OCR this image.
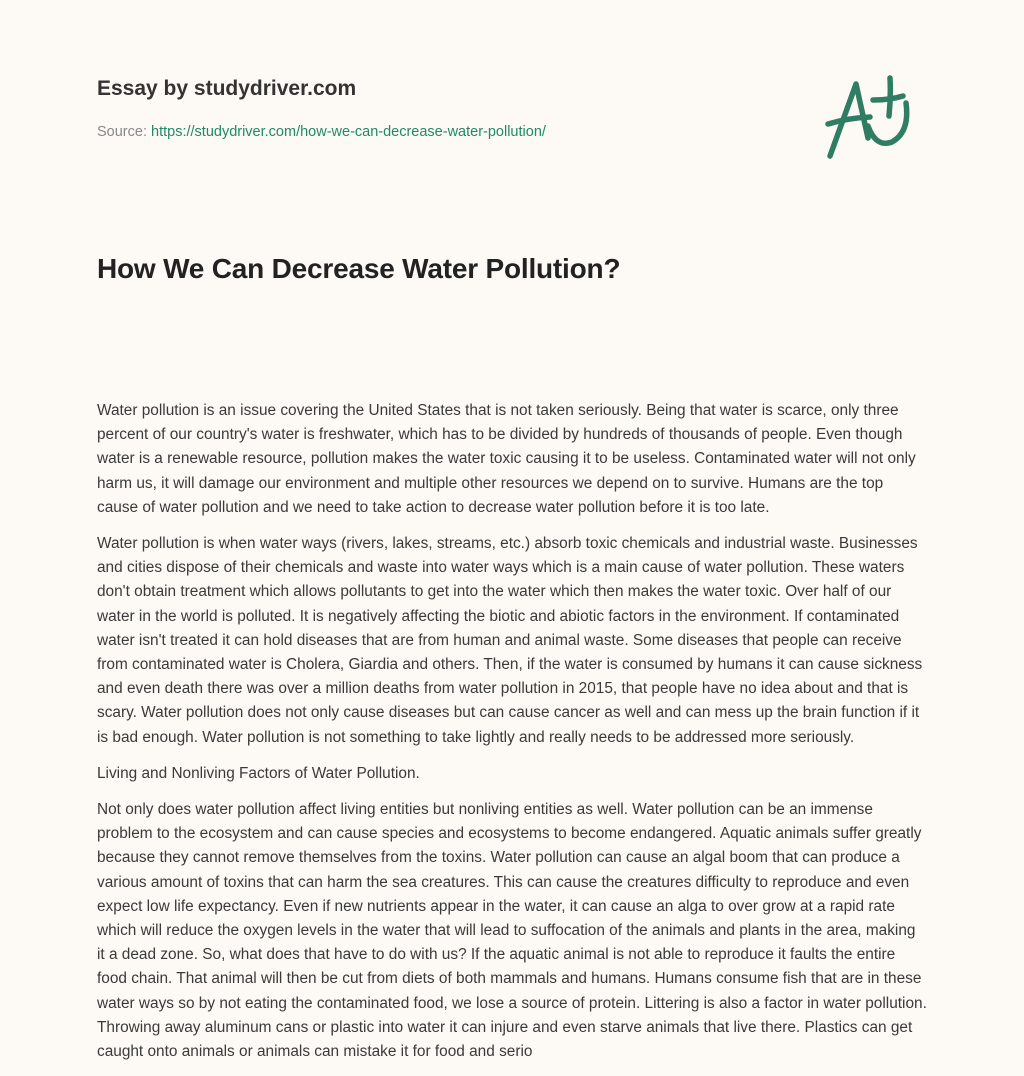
Essay by studydriver.com
Source: https://studydriver.com/how-we-can-decrease-water-pollution/
How We Can Decrease Water Pollution?

Water pollution is an issue covering the United States that is not taken seriously. Being that water is scarce, only three percent of our country's water is freshwater, which has to be divided by hundreds of thousands of people. Even though water is a renewable resource, pollution makes the water toxic causing it to be useless. Contaminated water will not only harm us, it will damage our environment and multiple other resources we depend on to survive. Humans are the top cause of water pollution and we need to take action to decrease water pollution before it is too late.

Water pollution is when water ways (rivers, lakes, streams, etc.) absorb toxic chemicals and industrial waste. Businesses and cities dispose of their chemicals and waste into water ways which is a main cause of water pollution. These waters don't obtain treatment which allows pollutants to get into the water which then makes the water toxic. Over half of our water in the world is polluted. It is negatively affecting the biotic and abiotic factors in the environment. If contaminated water isn't treated it can hold diseases that are from human and animal waste. Some diseases that people can receive from contaminated water is Cholera, Giardia and others. Then, if the water is consumed by humans it can cause sickness and even death there was over a million deaths from water pollution in 2015, that people have no idea about and that is scary. Water pollution does not only cause diseases but can cause cancer as well and can mess up the brain function if it is bad enough. Water pollution is not something to take lightly and really needs to be addressed more seriously.

Living and Nonliving Factors of Water Pollution.

Not only does water pollution affect living entities but nonliving entities as well. Water pollution can be an immense problem to the ecosystem and can cause species and ecosystems to become endangered. Aquatic animals suffer greatly because they cannot remove themselves from the toxins. Water pollution can cause an algal boom that can produce a various amount of toxins that can harm the sea creatures. This can cause the creatures difficulty to reproduce and even expect low life expectancy. Even if new nutrients appear in the water, it can cause an alga to over grow at a rapid rate which will reduce the oxygen levels in the water that will lead to suffocation of the animals and plants in the area, making it a dead zone. So, what does that have to do with us? If the aquatic animal is not able to reproduce it faults the entire food chain. That animal will then be cut from diets of both mammals and humans. Humans consume fish that are in these water ways so by not eating the contaminated food, we lose a source of protein. Littering is also a factor in water pollution. Throwing away aluminum cans or plastic into water it can injure and even starve animals that live there. Plastics can get caught onto animals or animals can mistake it for food and serio
